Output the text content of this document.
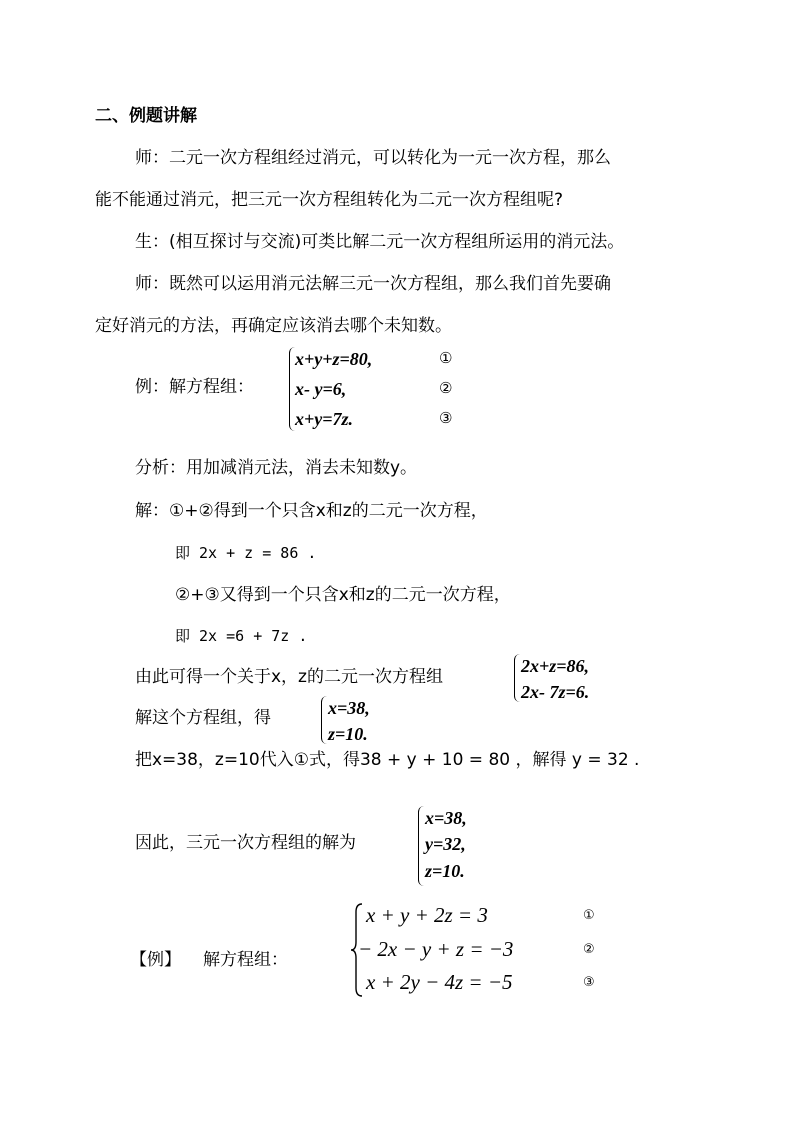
二、例题讲解
师：二元一次方程组经过消元，可以转化为一元一次方程，那么
能不能通过消元，把三元一次方程组转化为二元一次方程组呢?
生：(相互探讨与交流)可类比解二元一次方程组所运用的消元法。
师：既然可以运用消元法解三元一次方程组，那么我们首先要确
定好消元的方法，再确定应该消去哪个未知数。
例：解方程组：
x+y+z=80,
x- y=6,
x+y=7z.
①
②
③
分析：用加减消元法，消去未知数y。
解：①+②得到一个只含x和z的二元一次方程，
即 2x + z = 86 .
②+③又得到一个只含x和z的二元一次方程，
即 2x =6 + 7z .
由此可得一个关于x，z的二元一次方程组
2x+z=86,
2x- 7z=6.
解这个方程组，得	x=38,
z=10.
把x=38，z=10代入①式，得38 + y + 10 = 80 ，解得 y = 32 .
因此，三元一次方程组的解为
x=38,
y=32,
z=10.
【例】 解方程组：
x + y + 2z = 3
− 2x − y + z = −3
x + 2y − 4z = −5
①
②
③
